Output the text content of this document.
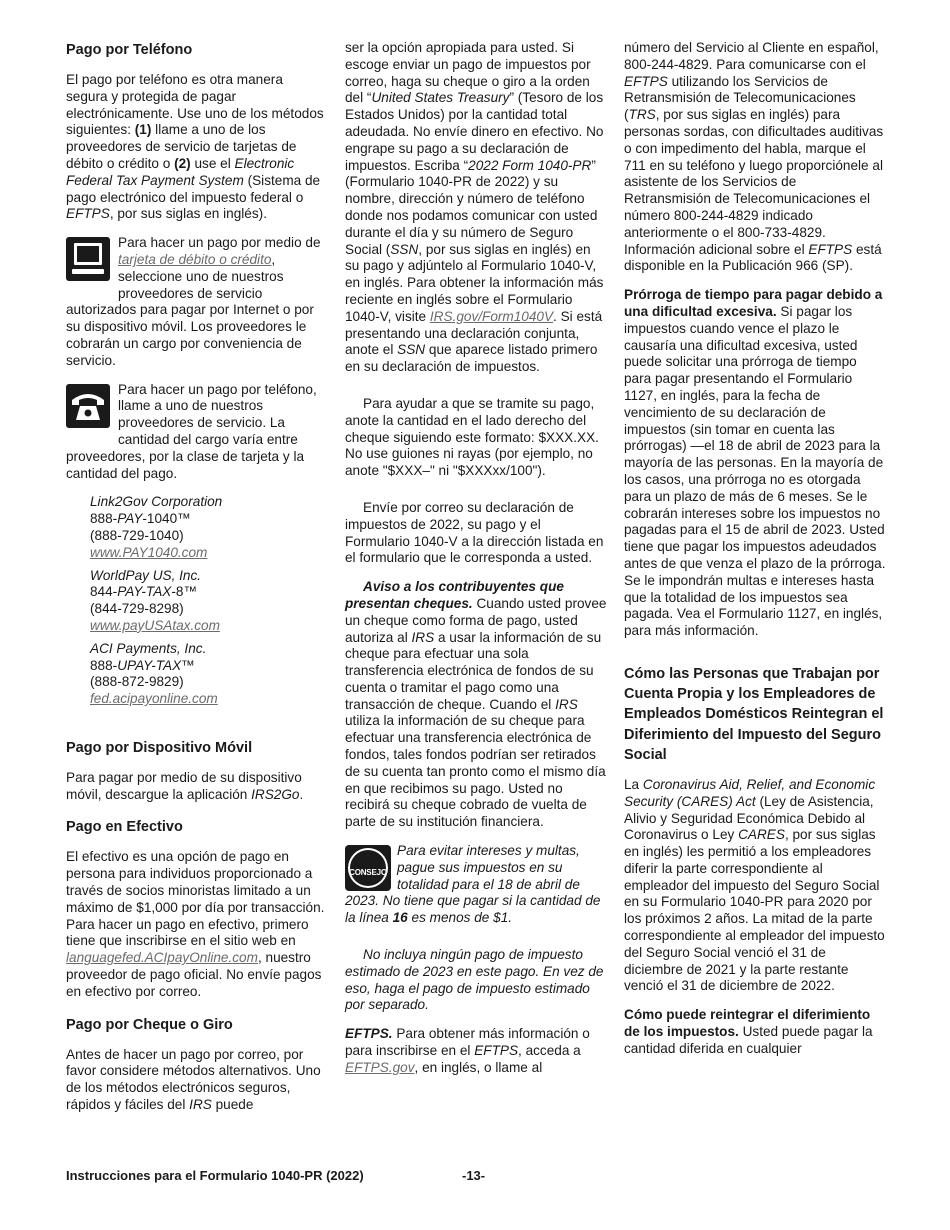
Pago por Teléfono

El pago por teléfono es otra manera segura y protegida de pagar electrónicamente. Use uno de los métodos siguientes: (1) llame a uno de los proveedores de servicio de tarjetas de débito o crédito o (2) use el Electronic Federal Tax Payment System (Sistema de pago electrónico del impuesto federal o EFTPS, por sus siglas en inglés).

Para hacer un pago por medio de tarjeta de débito o crédito, seleccione uno de nuestros proveedores de servicio autorizados para pagar por Internet o por su dispositivo móvil. Los proveedores le cobrarán un cargo por conveniencia de servicio.

Para hacer un pago por teléfono, llame a uno de nuestros proveedores de servicio. La cantidad del cargo varía entre proveedores, por la clase de tarjeta y la cantidad del pago.

Link2Gov Corporation
888-PAY-1040™
(888-729-1040)
www.PAY1040.com
WorldPay US, Inc.
844-PAY-TAX-8™
(844-729-8298)
www.payUSAtax.com
ACI Payments, Inc.
888-UPAY-TAX™
(888-872-9829)
fed.acipayonline.com
Pago por Dispositivo Móvil

Para pagar por medio de su dispositivo móvil, descargue la aplicación IRS2Go.

Pago en Efectivo

El efectivo es una opción de pago en persona para individuos proporcionado a través de socios minoristas limitado a un máximo de $1,000 por día por transacción. Para hacer un pago en efectivo, primero tiene que inscribirse en el sitio web en languagefed.ACIpayOnline.com, nuestro proveedor de pago oficial. No envíe pagos en efectivo por correo.

Pago por Cheque o Giro

Antes de hacer un pago por correo, por favor considere métodos alternativos. Uno de los métodos electrónicos seguros, rápidos y fáciles del IRS puede

ser la opción apropiada para usted. Si escoge enviar un pago de impuestos por correo, haga su cheque o giro a la orden del “United States Treasury” (Tesoro de los Estados Unidos) por la cantidad total adeudada. No envíe dinero en efectivo. No engrape su pago a su declaración de impuestos. Escriba “2022 Form 1040-PR” (Formulario 1040-PR de 2022) y su nombre, dirección y número de teléfono donde nos podamos comunicar con usted durante el día y su número de Seguro Social (SSN, por sus siglas en inglés) en su pago y adjúntelo al Formulario 1040-V, en inglés. Para obtener la información más reciente en inglés sobre el Formulario 1040-V, visite IRS.gov/Form1040V. Si está presentando una declaración conjunta, anote el SSN que aparece listado primero en su declaración de impuestos.

Para ayudar a que se tramite su pago, anote la cantidad en el lado derecho del cheque siguiendo este formato: $XXX.XX. No use guiones ni rayas (por ejemplo, no anote "$XXX–" ni "$XXXxx/100").

Envíe por correo su declaración de impuestos de 2022, su pago y el Formulario 1040-V a la dirección listada en el formulario que le corresponda a usted.

Aviso a los contribuyentes que presentan cheques. Cuando usted provee un cheque como forma de pago, usted autoriza al IRS a usar la información de su cheque para efectuar una sola transferencia electrónica de fondos de su cuenta o tramitar el pago como una transacción de cheque. Cuando el IRS utiliza la información de su cheque para efectuar una transferencia electrónica de fondos, tales fondos podrían ser retirados de su cuenta tan pronto como el mismo día en que recibimos su pago. Usted no recibirá su cheque cobrado de vuelta de parte de su institución financiera.

CONSEJO
Para evitar intereses y multas, pague sus impuestos en su totalidad para el 18 de abril de 2023. No tiene que pagar si la cantidad de la línea 16 es menos de $1.

No incluya ningún pago de impuesto estimado de 2023 en este pago. En vez de eso, haga el pago de impuesto estimado por separado.

EFTPS. Para obtener más información o para inscribirse en el EFTPS, acceda a EFTPS.gov, en inglés, o llame al

número del Servicio al Cliente en español, 800-244-4829. Para comunicarse con el EFTPS utilizando los Servicios de Retransmisión de Telecomunicaciones (TRS, por sus siglas en inglés) para personas sordas, con dificultades auditivas o con impedimento del habla, marque el 711 en su teléfono y luego proporciónele al asistente de los Servicios de Retransmisión de Telecomunicaciones el número 800-244-4829 indicado anteriormente o el 800-733-4829. Información adicional sobre el EFTPS está disponible en la Publicación 966 (SP).

Prórroga de tiempo para pagar debido a una dificultad excesiva. Si pagar los impuestos cuando vence el plazo le causaría una dificultad excesiva, usted puede solicitar una prórroga de tiempo para pagar presentando el Formulario 1127, en inglés, para la fecha de vencimiento de su declaración de impuestos (sin tomar en cuenta las prórrogas) —el 18 de abril de 2023 para la mayoría de las personas. En la mayoría de los casos, una prórroga no es otorgada para un plazo de más de 6 meses. Se le cobrarán intereses sobre los impuestos no pagadas para el 15 de abril de 2023. Usted tiene que pagar los impuestos adeudados antes de que venza el plazo de la prórroga. Se le impondrán multas e intereses hasta que la totalidad de los impuestos sea pagada. Vea el Formulario 1127, en inglés, para más información.

Cómo las Personas que Trabajan por Cuenta Propia y los Empleadores de Empleados Domésticos Reintegran el Diferimiento del Impuesto del Seguro Social

La Coronavirus Aid, Relief, and Economic Security (CARES) Act (Ley de Asistencia, Alivio y Seguridad Económica Debido al Coronavirus o Ley CARES, por sus siglas en inglés) les permitió a los empleadores diferir la parte correspondiente al empleador del impuesto del Seguro Social en su Formulario 1040-PR para 2020 por los próximos 2 años. La mitad de la parte correspondiente al empleador del impuesto del Seguro Social venció el 31 de diciembre de 2021 y la parte restante venció el 31 de diciembre de 2022.

Cómo puede reintegrar el diferimiento de los impuestos. Usted puede pagar la cantidad diferida en cualquier

Instrucciones para el Formulario 1040-PR (2022)	-13-
